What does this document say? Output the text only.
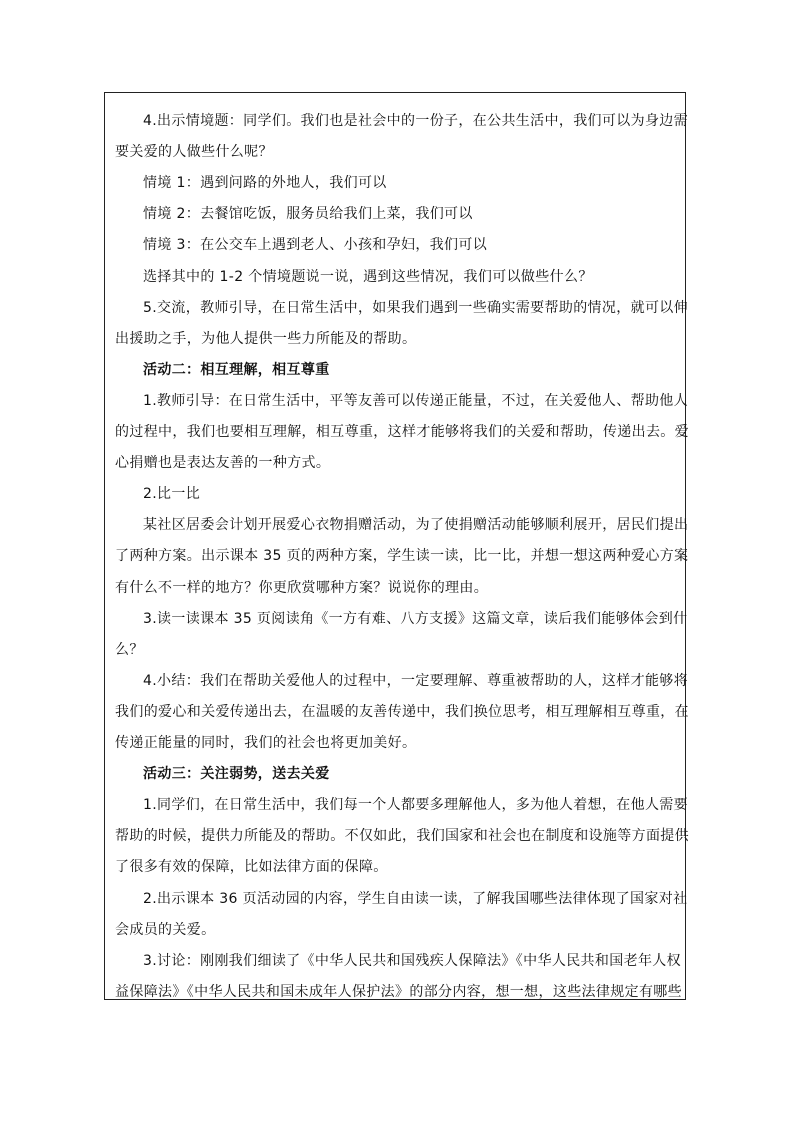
4.出示情境题：同学们。我们也是社会中的一份子，在公共生活中，我们可以为身边需
要关爱的人做些什么呢？
情境 1：遇到问路的外地人，我们可以
情境 2：去餐馆吃饭，服务员给我们上菜，我们可以
情境 3：在公交车上遇到老人、小孩和孕妇，我们可以
选择其中的 1-2 个情境题说一说，遇到这些情况，我们可以做些什么？
5.交流，教师引导，在日常生活中，如果我们遇到一些确实需要帮助的情况，就可以伸
出援助之手，为他人提供一些力所能及的帮助。
活动二：相互理解，相互尊重
1.教师引导：在日常生活中，平等友善可以传递正能量，不过，在关爱他人、帮助他人
的过程中，我们也要相互理解，相互尊重，这样才能够将我们的关爱和帮助，传递出去。爱
心捐赠也是表达友善的一种方式。
2.比一比
某社区居委会计划开展爱心衣物捐赠活动，为了使捐赠活动能够顺利展开，居民们提出
了两种方案。出示课本 35 页的两种方案，学生读一读，比一比，并想一想这两种爱心方案
有什么不一样的地方？你更欣赏哪种方案？说说你的理由。
3.读一读课本 35 页阅读角《一方有难、八方支援》这篇文章，读后我们能够体会到什
么？
4.小结：我们在帮助关爱他人的过程中，一定要理解、尊重被帮助的人，这样才能够将
我们的爱心和关爱传递出去，在温暖的友善传递中，我们换位思考，相互理解相互尊重，在
传递正能量的同时，我们的社会也将更加美好。
活动三：关注弱势，送去关爱
1.同学们，在日常生活中，我们每一个人都要多理解他人，多为他人着想，在他人需要
帮助的时候，提供力所能及的帮助。不仅如此，我们国家和社会也在制度和设施等方面提供
了很多有效的保障，比如法律方面的保障。
2.出示课本 36 页活动园的内容，学生自由读一读，了解我国哪些法律体现了国家对社
会成员的关爱。
3.讨论：刚刚我们细读了《中华人民共和国残疾人保障法》《中华人民共和国老年人权
益保障法》《中华人民共和国未成年人保护法》的部分内容，想一想，这些法律规定有哪些
